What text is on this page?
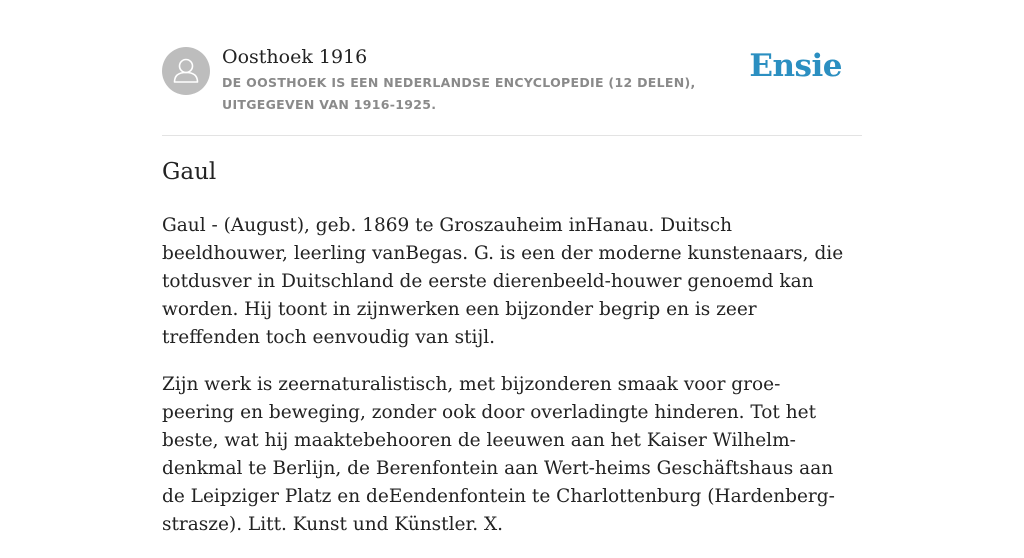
Oosthoek 1916

DE OOSTHOEK IS EEN NEDERLANDSE ENCYCLOPEDIE (12 DELEN), UITGEGEVEN VAN 1916-1925.

Ensie
Gaul

Gaul - (August), geb. 1869 te Groszauheim inHanau. Duitsch beeldhouwer, leerling vanBegas. G. is een der moderne kunstenaars, die totdusver in Duitschland de eerste dierenbeeld-houwer genoemd kan worden. Hij toont in zijnwerken een bijzonder begrip en is zeer treffenden toch eenvoudig van stijl.

Zijn werk is zeernaturalistisch, met bijzonderen smaak voor groe-peering en beweging, zonder ook door overladingte hinderen. Tot het beste, wat hij maaktebehooren de leeuwen aan het Kaiser Wilhelm-denkmal te Berlijn, de Berenfontein aan Wert-heims Geschäftshaus aan de Leipziger Platz en deEendenfontein te Charlottenburg (Hardenberg-strasze). Litt. Kunst und Künstler. X.
